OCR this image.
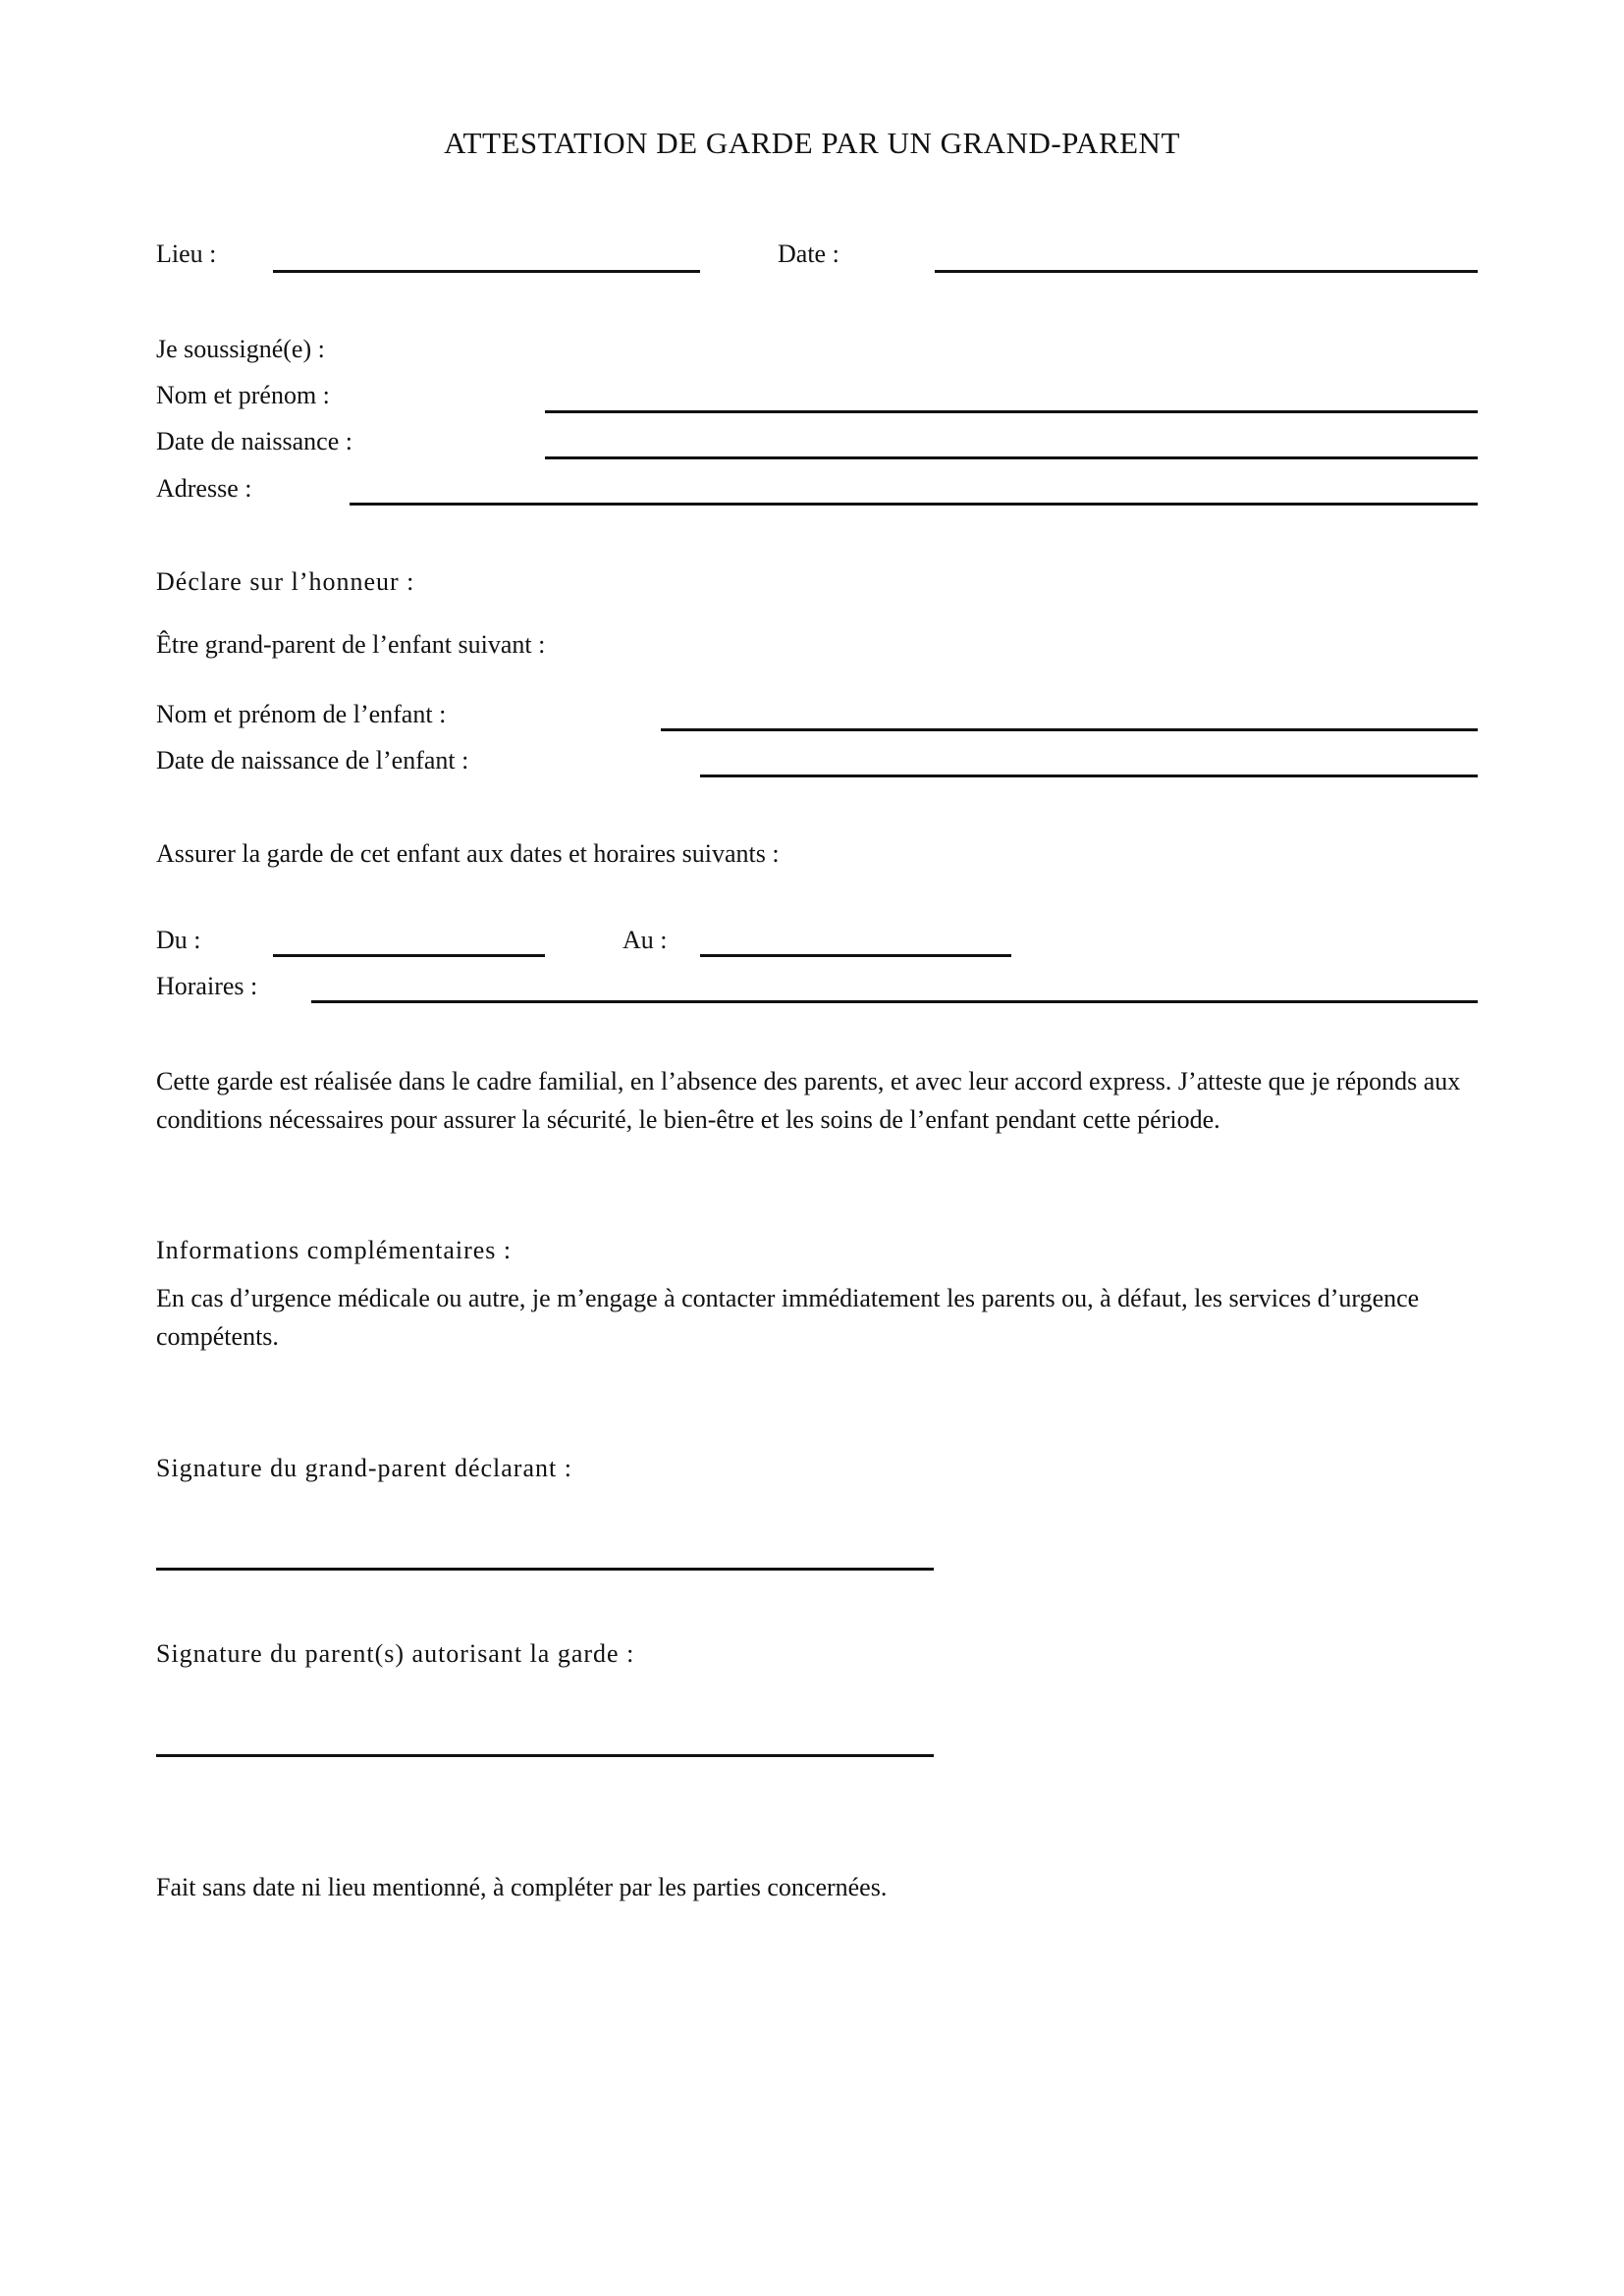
ATTESTATION DE GARDE PAR UN GRAND-PARENT
Lieu :	Date :
Je soussigné(e) :
Nom et prénom :
Date de naissance :
Adresse :
Déclare sur l’honneur :
Être grand-parent de l’enfant suivant :
Nom et prénom de l’enfant :
Date de naissance de l’enfant :
Assurer la garde de cet enfant aux dates et horaires suivants :
Du :	Au :
Horaires :
Cette garde est réalisée dans le cadre familial, en l’absence des parents, et avec leur accord express. J’atteste que je réponds aux conditions nécessaires pour assurer la sécurité, le bien-être et les soins de l’enfant pendant cette période.
Informations complémentaires :
En cas d’urgence médicale ou autre, je m’engage à contacter immédiatement les parents ou, à défaut, les services d’urgence compétents.
Signature du grand-parent déclarant :
Signature du parent(s) autorisant la garde :
Fait sans date ni lieu mentionné, à compléter par les parties concernées.
